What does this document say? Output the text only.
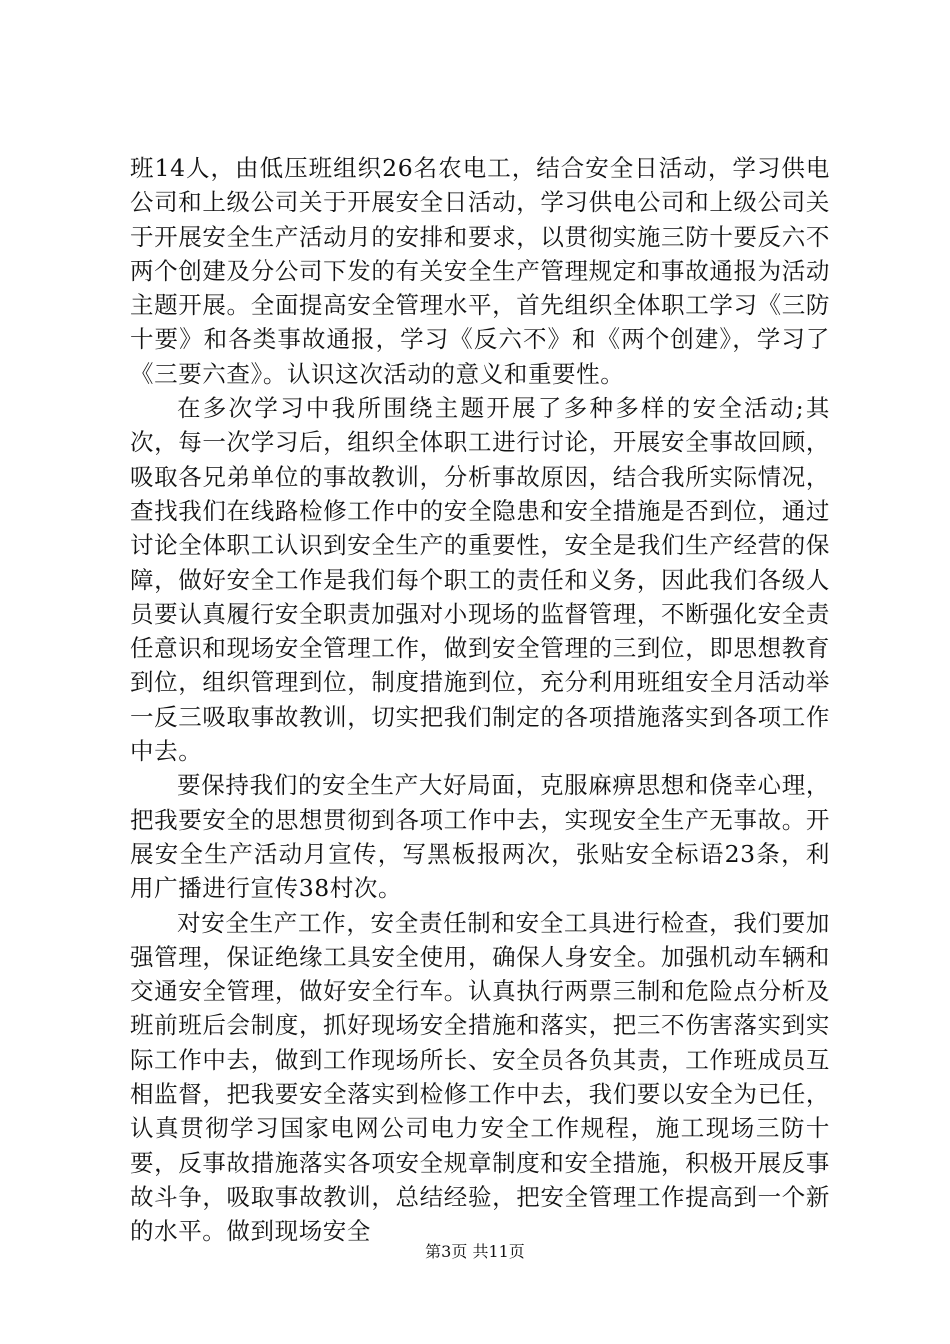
班14人，由低压班组织26名农电工，结合安全日活动，学习供电公司和上级公司关于开展安全日活动，学习供电公司和上级公司关于开展安全生产活动月的安排和要求，以贯彻实施三防十要反六不两个创建及分公司下发的有关安全生产管理规定和事故通报为活动主题开展。全面提高安全管理水平，首先组织全体职工学习《三防十要》和各类事故通报，学习《反六不》和《两个创建》，学习了《三要六查》。认识这次活动的意义和重要性。

在多次学习中我所围绕主题开展了多种多样的安全活动;其次，每一次学习后，组织全体职工进行讨论，开展安全事故回顾，吸取各兄弟单位的事故教训，分析事故原因，结合我所实际情况，查找我们在线路检修工作中的安全隐患和安全措施是否到位，通过讨论全体职工认识到安全生产的重要性，安全是我们生产经营的保障，做好安全工作是我们每个职工的责任和义务，因此我们各级人员要认真履行安全职责加强对小现场的监督管理，不断强化安全责任意识和现场安全管理工作，做到安全管理的三到位，即思想教育到位，组织管理到位，制度措施到位，充分利用班组安全月活动举一反三吸取事故教训，切实把我们制定的各项措施落实到各项工作中去。

要保持我们的安全生产大好局面，克服麻痹思想和侥幸心理，把我要安全的思想贯彻到各项工作中去，实现安全生产无事故。开展安全生产活动月宣传，写黑板报两次，张贴安全标语23条，利用广播进行宣传38村次。

对安全生产工作，安全责任制和安全工具进行检查，我们要加强管理，保证绝缘工具安全使用，确保人身安全。加强机动车辆和交通安全管理，做好安全行车。认真执行两票三制和危险点分析及班前班后会制度，抓好现场安全措施和落实，把三不伤害落实到实际工作中去，做到工作现场所长、安全员各负其责，工作班成员互相监督，把我要安全落实到检修工作中去，我们要以安全为已任，认真贯彻学习国家电网公司电力安全工作规程，施工现场三防十要，反事故措施落实各项安全规章制度和安全措施，积极开展反事故斗争，吸取事故教训，总结经验，把安全管理工作提高到一个新的水平。做到现场安全

第3页 共11页
